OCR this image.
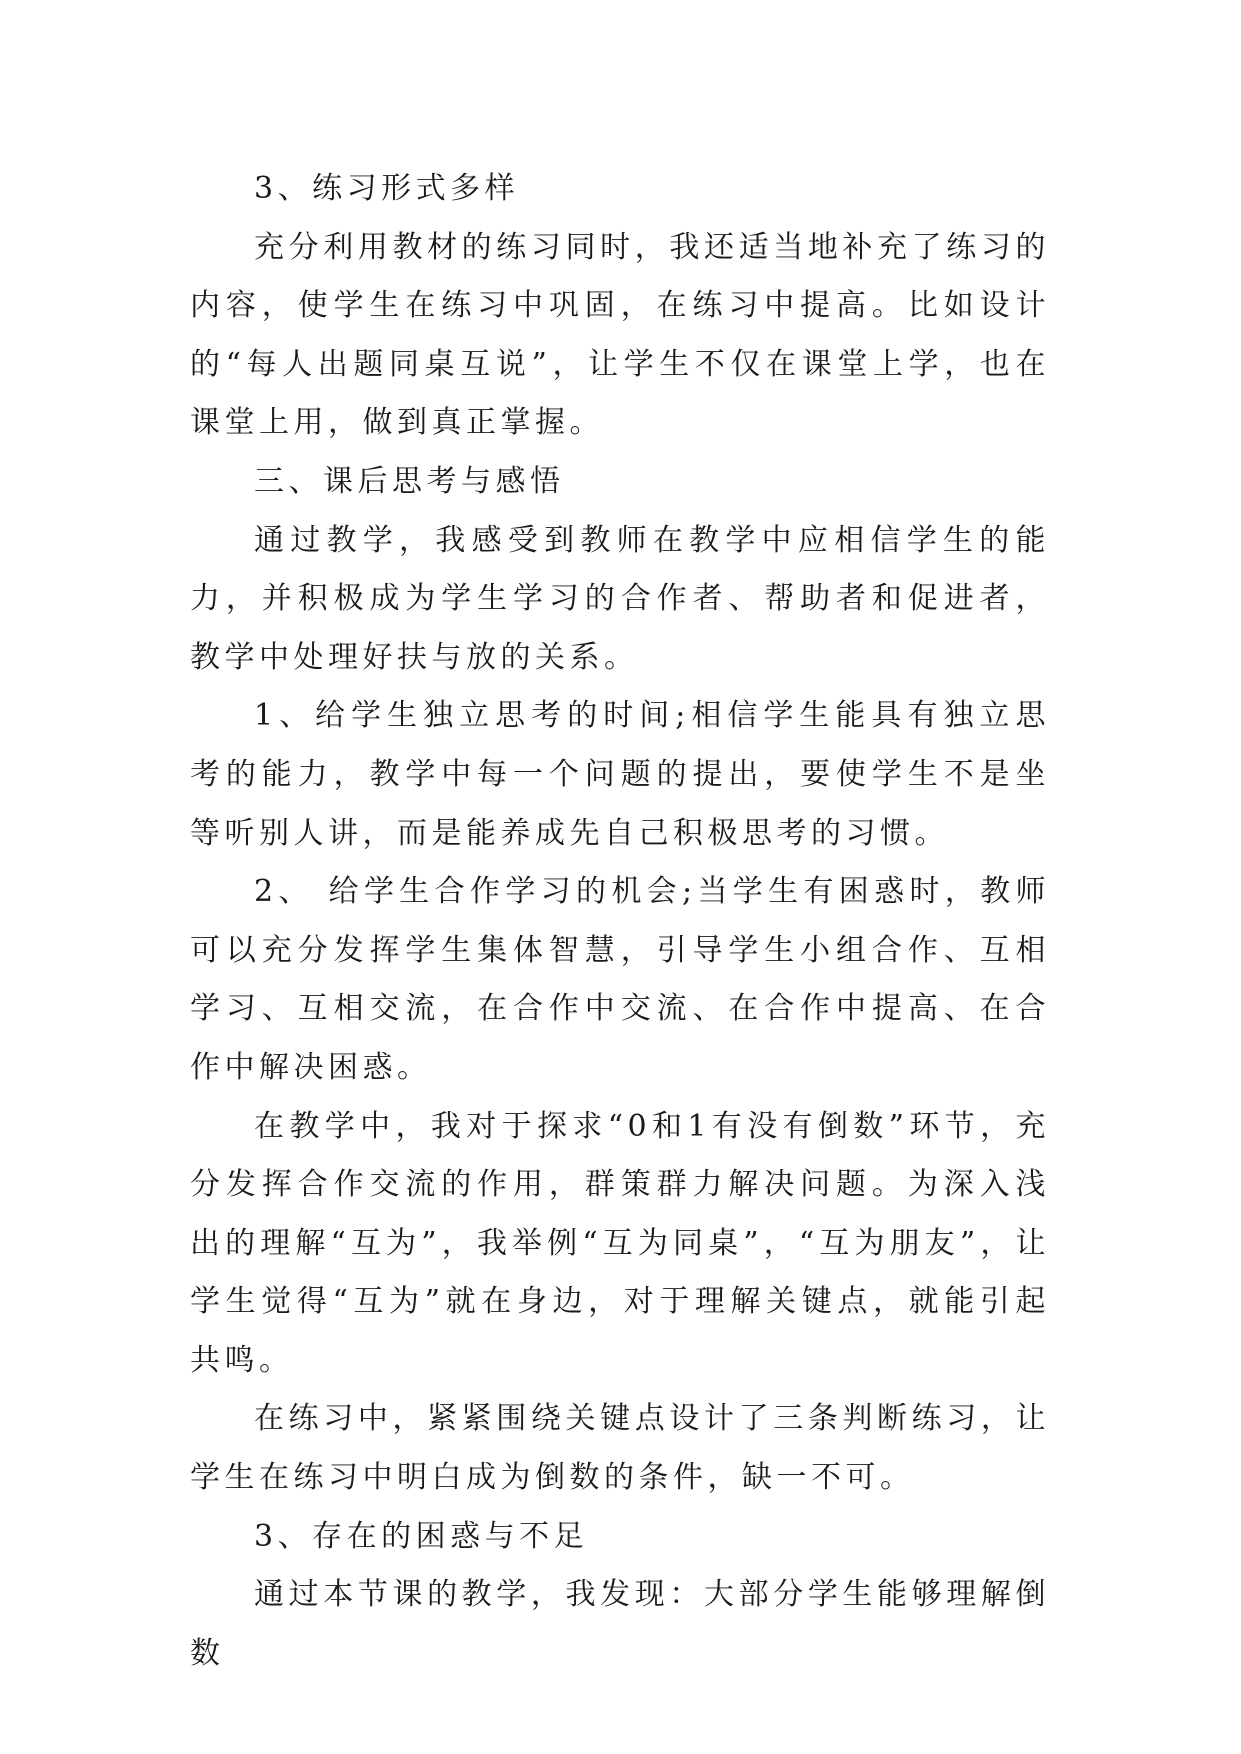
3、练习形式多样

充分利用教材的练习同时，我还适当地补充了练习的内容，使学生在练习中巩固，在练习中提高。比如设计的“每人出题同桌互说”，让学生不仅在课堂上学，也在课堂上用，做到真正掌握。

三、课后思考与感悟

通过教学，我感受到教师在教学中应相信学生的能力，并积极成为学生学习的合作者、帮助者和促进者，教学中处理好扶与放的关系。

1、给学生独立思考的时间;相信学生能具有独立思考的能力，教学中每一个问题的提出，要使学生不是坐等听别人讲，而是能养成先自己积极思考的习惯。

2、 给学生合作学习的机会;当学生有困惑时，教师可以充分发挥学生集体智慧，引导学生小组合作、互相学习、互相交流，在合作中交流、在合作中提高、在合作中解决困惑。

在教学中，我对于探求“0和1有没有倒数”环节，充分发挥合作交流的作用，群策群力解决问题。为深入浅出的理解“互为”，我举例“互为同桌”，“互为朋友”，让学生觉得“互为”就在身边，对于理解关键点，就能引起共鸣。

在练习中，紧紧围绕关键点设计了三条判断练习，让学生在练习中明白成为倒数的条件，缺一不可。

3、存在的困惑与不足

通过本节课的教学，我发现：大部分学生能够理解倒数
